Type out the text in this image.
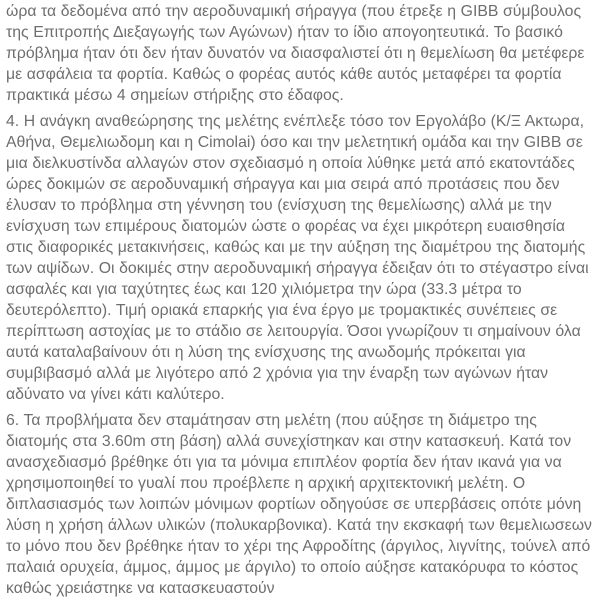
ώρα τα δεδομένα από την αεροδυναμική σήραγγα (που έτρεξε η GIBB σύμβουλος της Επιτροπής Διεξαγωγής των Αγώνων) ήταν το ίδιο απογοητευτικά. Το βασικό πρόβλημα ήταν ότι δεν ήταν δυνατόν να διασφαλιστεί ότι η θεμελίωση θα μετέφερε με ασφάλεια τα φορτία. Καθώς ο φορέας αυτός κάθε αυτός μεταφέρει τα φορτία πρακτικά μέσω 4 σημείων στήριξης στο έδαφος.

4. Η ανάγκη αναθεώρησης της μελέτης ενέπλεξε τόσο τον Εργολάβο (Κ/Ξ Ακτωρα, Αθήνα, Θεμελιωδομη και η Cimolai) όσο και την μελετητική ομάδα και την GIBB σε μια διελκυστίνδα αλλαγών στον σχεδιασμό η οποία λύθηκε μετά από εκατοντάδες ώρες δοκιμών σε αεροδυναμική σήραγγα και μια σειρά από προτάσεις που δεν έλυσαν το πρόβλημα στη γέννηση του (ενίσχυση της θεμελίωσης) αλλά με την ενίσχυση των επιμέρους διατομών ώστε ο φορέας να έχει μικρότερη ευαισθησία στις διαφορικές μετακινήσεις, καθώς και με την αύξηση της διαμέτρου της διατομής των αψίδων. Οι δοκιμές στην αεροδυναμική σήραγγα έδειξαν ότι το στέγαστρο είναι ασφαλές και για ταχύτητες έως και 120 χιλιόμετρα την ώρα (33.3 μέτρα το δευτερόλεπτο). Τιμή οριακά επαρκής για ένα έργο με τρομακτικές συνέπειες σε περίπτωση αστοχίας με το στάδιο σε λειτουργία. Όσοι γνωρίζουν τι σημαίνουν όλα αυτά καταλαβαίνουν ότι η λύση της ενίσχυσης της ανωδομής πρόκειται για συμβιβασμό αλλά με λιγότερο από 2 χρόνια για την έναρξη των αγώνων ήταν αδύνατο να γίνει κάτι καλύτερο.

6. Τα προβλήματα δεν σταμάτησαν στη μελέτη (που αύξησε τη διάμετρο της διατομής στα 3.60m στη βάση) αλλά συνεχίστηκαν και στην κατασκευή. Κατά τον ανασχεδιασμό βρέθηκε ότι για τα μόνιμα επιπλέον φορτία δεν ήταν ικανά για να χρησιμοποιηθεί το γυαλί που προέβλεπε η αρχική αρχιτεκτονική μελέτη. Ο διπλασιασμός των λοιπών μόνιμων φορτίων οδηγούσε σε υπερβάσεις οπότε μόνη λύση η χρήση άλλων υλικών (πολυκαρβονικα). Κατά την εκσκαφή των θεμελιωσεων το μόνο που δεν βρέθηκε ήταν το χέρι της Αφροδίτης (άργιλος, λιγνίτης, τούνελ από παλαιά ορυχεία, άμμος, άμμος με άργιλο) το οποίο αύξησε κατακόρυφα το κόστος καθώς χρειάστηκε να κατασκευαστούν
